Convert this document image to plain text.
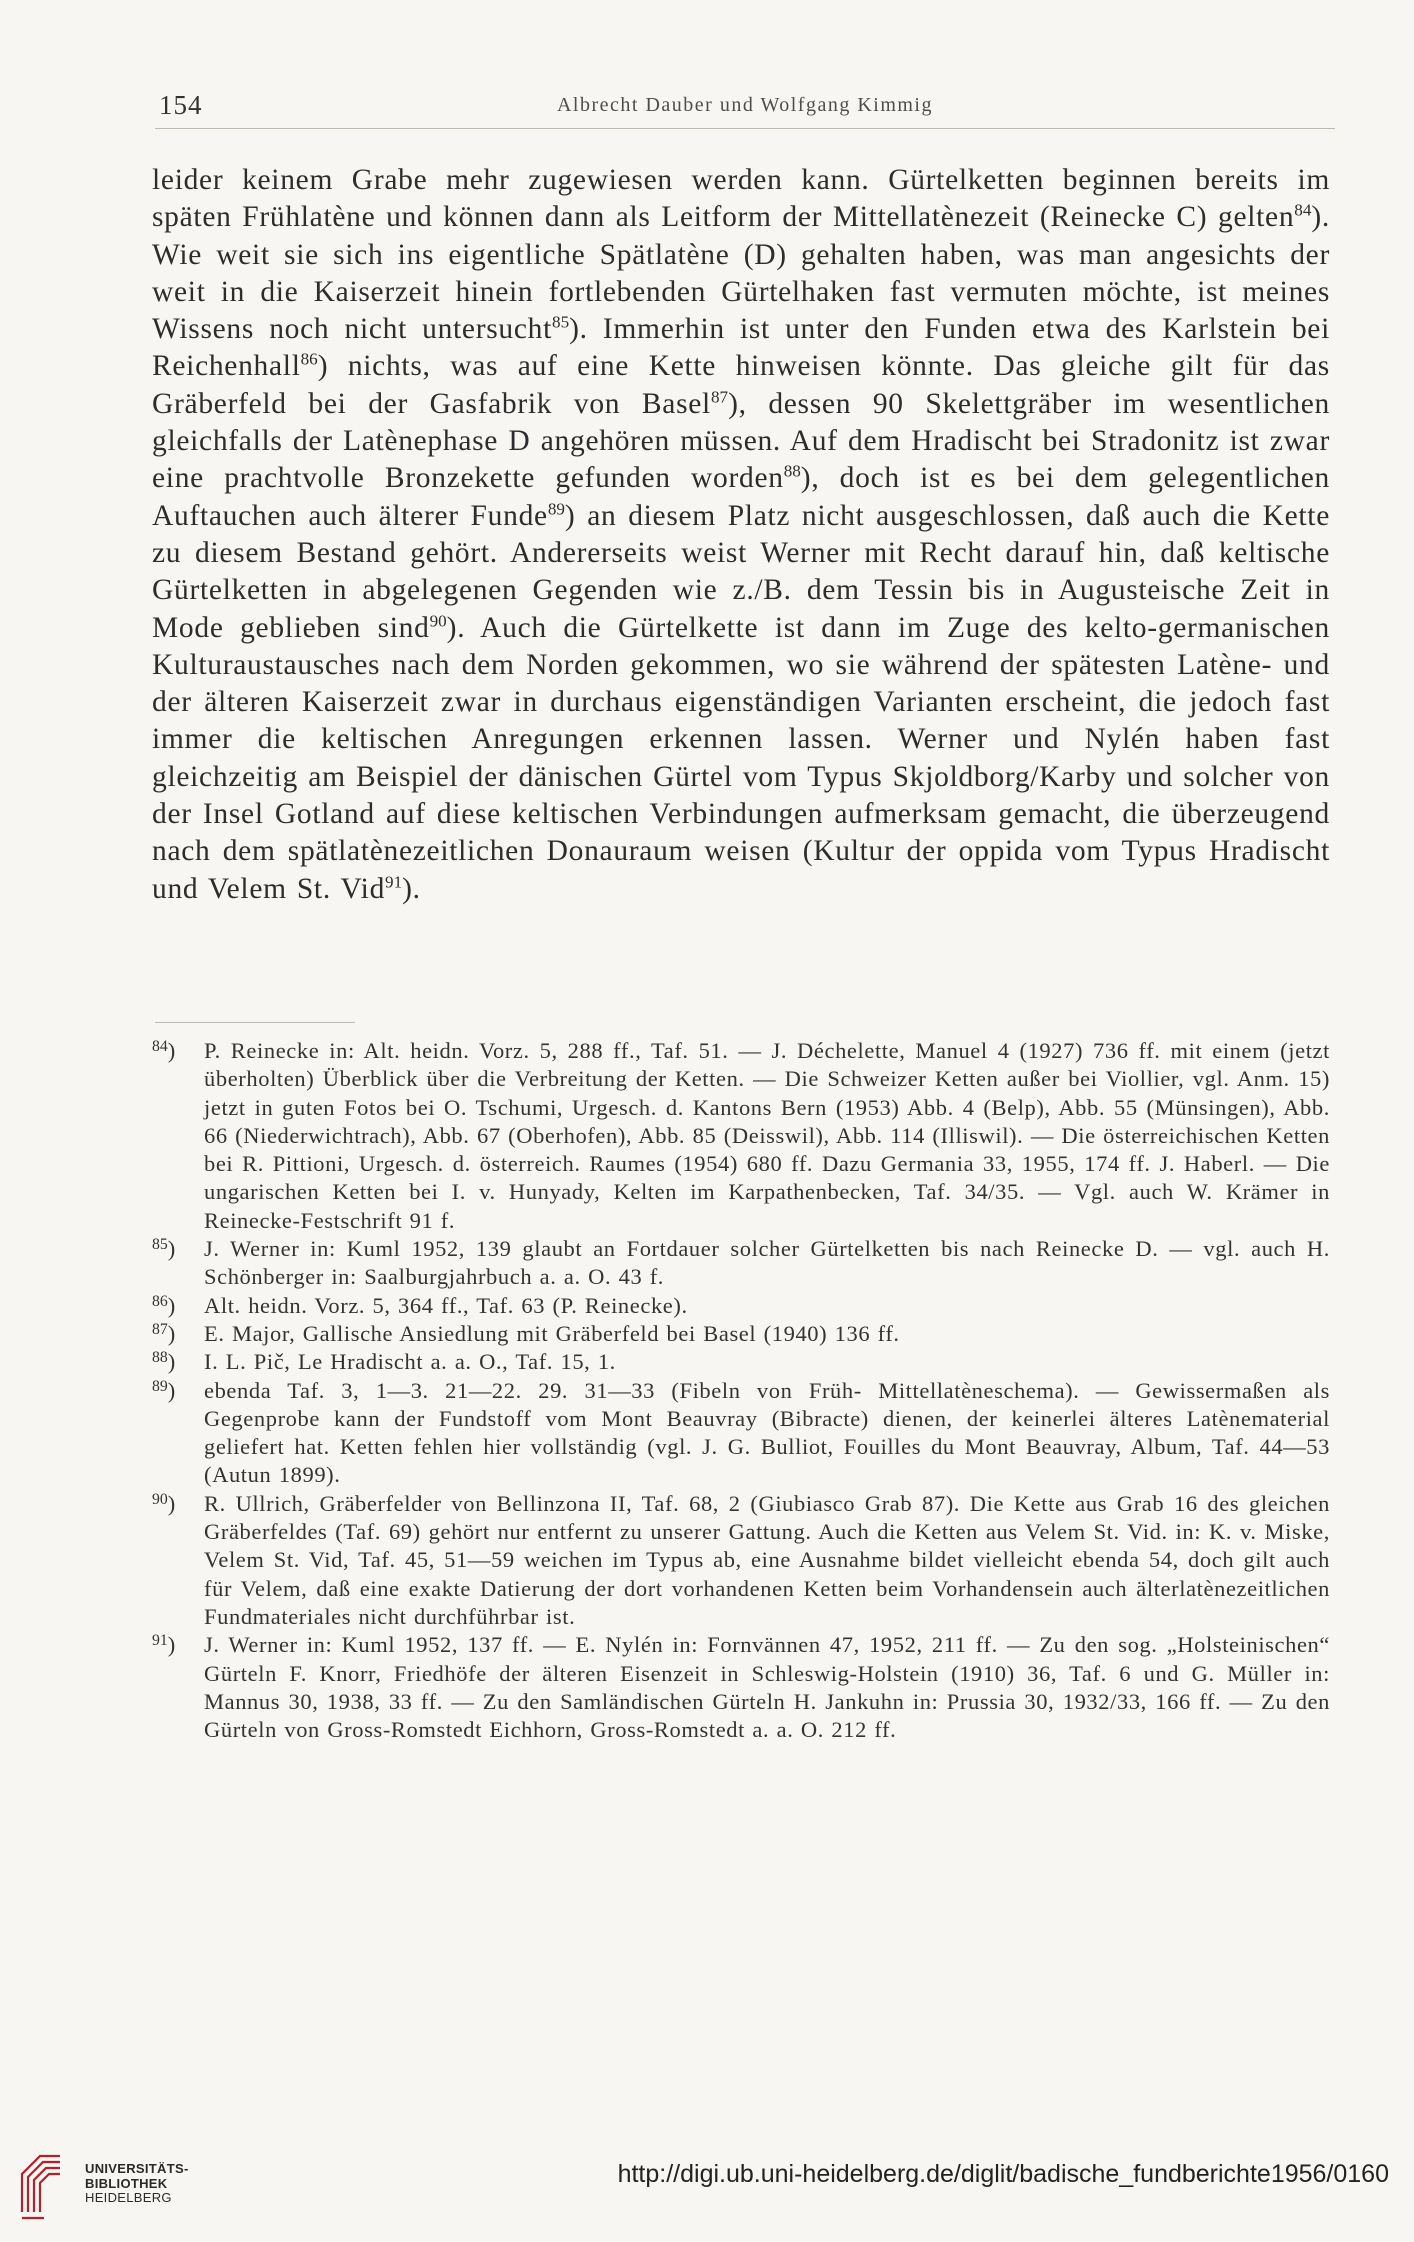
154	Albrecht Dauber und Wolfgang Kimmig

leider keinem Grabe mehr zugewiesen werden kann. Gürtelketten beginnen bereits im späten Frühlatène und können dann als Leitform der Mittellatènezeit (Reinecke C) gelten$^{84}$). Wie weit sie sich ins eigentliche Spätlatène (D) gehalten haben, was man angesichts der weit in die Kaiserzeit hinein fortlebenden Gürtelhaken fast vermuten möchte, ist meines Wissens noch nicht untersucht$^{85}$). Immerhin ist unter den Funden etwa des Karlstein bei Reichenhall$^{86}$) nichts, was auf eine Kette hinweisen könnte. Das gleiche gilt für das Gräberfeld bei der Gasfabrik von Basel$^{87}$), dessen 90 Skelettgräber im wesentlichen gleichfalls der Latènephase D angehören müssen. Auf dem Hradischt bei Stradonitz ist zwar eine prachtvolle Bronzekette gefunden worden$^{88}$), doch ist es bei dem gelegentlichen Auftauchen auch älterer Funde$^{89}$) an diesem Platz nicht ausgeschlossen, daß auch die Kette zu diesem Bestand gehört. Andererseits weist Werner mit Recht darauf hin, daß keltische Gürtelketten in abgelegenen Gegenden wie z./B. dem Tessin bis in Augusteische Zeit in Mode geblieben sind$^{90}$). Auch die Gürtelkette ist dann im Zuge des kelto-germanischen Kulturaustausches nach dem Norden gekommen, wo sie während der spätesten Latène- und der älteren Kaiserzeit zwar in durchaus eigenständigen Varianten erscheint, die jedoch fast immer die keltischen Anregungen erkennen lassen. Werner und Nylén haben fast gleichzeitig am Beispiel der dänischen Gürtel vom Typus Skjoldborg/Karby und solcher von der Insel Gotland auf diese keltischen Verbindungen aufmerksam gemacht, die überzeugend nach dem spätlatènezeitlichen Donauraum weisen (Kultur der oppida vom Typus Hradischt und Velem St. Vid$^{91}$).

$^{84}$) P. Reinecke in: Alt. heidn. Vorz. 5, 288 ff., Taf. 51. — J. Déchelette, Manuel 4 (1927) 736 ff. mit einem (jetzt überholten) Überblick über die Verbreitung der Ketten. — Die Schweizer Ketten außer bei Viollier, vgl. Anm. 15) jetzt in guten Fotos bei O. Tschumi, Urgesch. d. Kantons Bern (1953) Abb. 4 (Belp), Abb. 55 (Münsingen), Abb. 66 (Niederwichtrach), Abb. 67 (Oberhofen), Abb. 85 (Deisswil), Abb. 114 (Illiswil). — Die österreichischen Ketten bei R. Pittioni, Urgesch. d. österreich. Raumes (1954) 680 ff. Dazu Germania 33, 1955, 174 ff. J. Haberl. — Die ungarischen Ketten bei I. v. Hunyady, Kelten im Karpathenbecken, Taf. 34/35. — Vgl. auch W. Krämer in Reinecke-Festschrift 91 f.

$^{85}$) J. Werner in: Kuml 1952, 139 glaubt an Fortdauer solcher Gürtelketten bis nach Reinecke D. — vgl. auch H. Schönberger in: Saalburgjahrbuch a. a. O. 43 f.

$^{86}$) Alt. heidn. Vorz. 5, 364 ff., Taf. 63 (P. Reinecke).

$^{87}$) E. Major, Gallische Ansiedlung mit Gräberfeld bei Basel (1940) 136 ff.

$^{88}$) I. L. Pič, Le Hradischt a. a. O., Taf. 15, 1.

$^{89}$) ebenda Taf. 3, 1—3. 21—22. 29. 31—33 (Fibeln von Früh- Mittellatèneschema). — Gewissermaßen als Gegenprobe kann der Fundstoff vom Mont Beauvray (Bibracte) dienen, der keinerlei älteres Latènematerial geliefert hat. Ketten fehlen hier vollständig (vgl. J. G. Bulliot, Fouilles du Mont Beauvray, Album, Taf. 44—53 (Autun 1899).

$^{90}$) R. Ullrich, Gräberfelder von Bellinzona II, Taf. 68, 2 (Giubiasco Grab 87). Die Kette aus Grab 16 des gleichen Gräberfeldes (Taf. 69) gehört nur entfernt zu unserer Gattung. Auch die Ketten aus Velem St. Vid. in: K. v. Miske, Velem St. Vid, Taf. 45, 51—59 weichen im Typus ab, eine Ausnahme bildet vielleicht ebenda 54, doch gilt auch für Velem, daß eine exakte Datierung der dort vorhandenen Ketten beim Vorhandensein auch älterlatènezeitlichen Fundmateriales nicht durchführbar ist.

$^{91}$) J. Werner in: Kuml 1952, 137 ff. — E. Nylén in: Fornvännen 47, 1952, 211 ff. — Zu den sog. „Holsteinischen“ Gürteln F. Knorr, Friedhöfe der älteren Eisenzeit in Schleswig-Holstein (1910) 36, Taf. 6 und G. Müller in: Mannus 30, 1938, 33 ff. — Zu den Samländischen Gürteln H. Jankuhn in: Prussia 30, 1932/33, 166 ff. — Zu den Gürteln von Gross-Romstedt Eichhorn, Gross-Romstedt a. a. O. 212 ff.

UNIVERSITÄTS-
BIBLIOTHEK
HEIDELBERG
http://digi.ub.uni-heidelberg.de/diglit/badische_fundberichte1956/0160
